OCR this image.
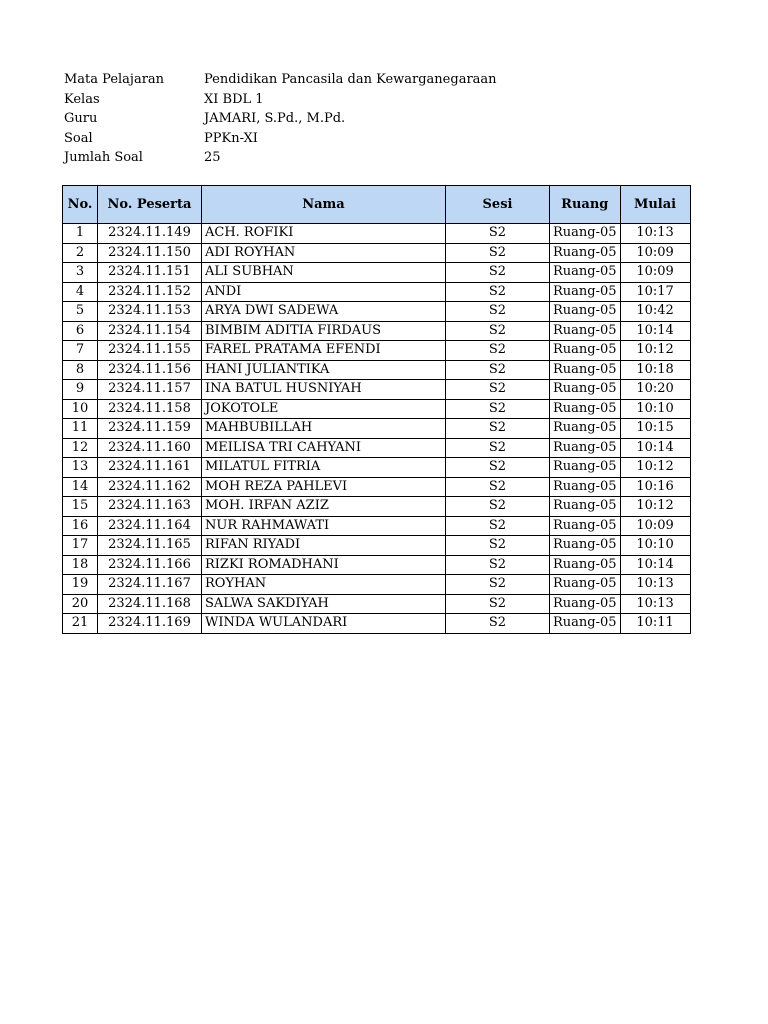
Mata Pelajaran	Pendidikan Pancasila dan Kewarganegaraan
Kelas	XI BDL 1
Guru	JAMARI, S.Pd., M.Pd.
Soal	PPKn-XI
Jumlah Soal	25
No.	No. Peserta	Nama	Sesi	Ruang	Mulai
1	2324.11.149	ACH. ROFIKI	S2	Ruang-05	10:13
2	2324.11.150	ADI ROYHAN	S2	Ruang-05	10:09
3	2324.11.151	ALI SUBHAN	S2	Ruang-05	10:09
4	2324.11.152	ANDI	S2	Ruang-05	10:17
5	2324.11.153	ARYA DWI SADEWA	S2	Ruang-05	10:42
6	2324.11.154	BIMBIM ADITIA FIRDAUS	S2	Ruang-05	10:14
7	2324.11.155	FAREL PRATAMA EFENDI	S2	Ruang-05	10:12
8	2324.11.156	HANI JULIANTIKA	S2	Ruang-05	10:18
9	2324.11.157	INA BATUL HUSNIYAH	S2	Ruang-05	10:20
10	2324.11.158	JOKOTOLE	S2	Ruang-05	10:10
11	2324.11.159	MAHBUBILLAH	S2	Ruang-05	10:15
12	2324.11.160	MEILISA TRI CAHYANI	S2	Ruang-05	10:14
13	2324.11.161	MILATUL FITRIA	S2	Ruang-05	10:12
14	2324.11.162	MOH REZA PAHLEVI	S2	Ruang-05	10:16
15	2324.11.163	MOH. IRFAN AZIZ	S2	Ruang-05	10:12
16	2324.11.164	NUR RAHMAWATI	S2	Ruang-05	10:09
17	2324.11.165	RIFAN RIYADI	S2	Ruang-05	10:10
18	2324.11.166	RIZKI ROMADHANI	S2	Ruang-05	10:14
19	2324.11.167	ROYHAN	S2	Ruang-05	10:13
20	2324.11.168	SALWA SAKDIYAH	S2	Ruang-05	10:13
21	2324.11.169	WINDA WULANDARI	S2	Ruang-05	10:11
